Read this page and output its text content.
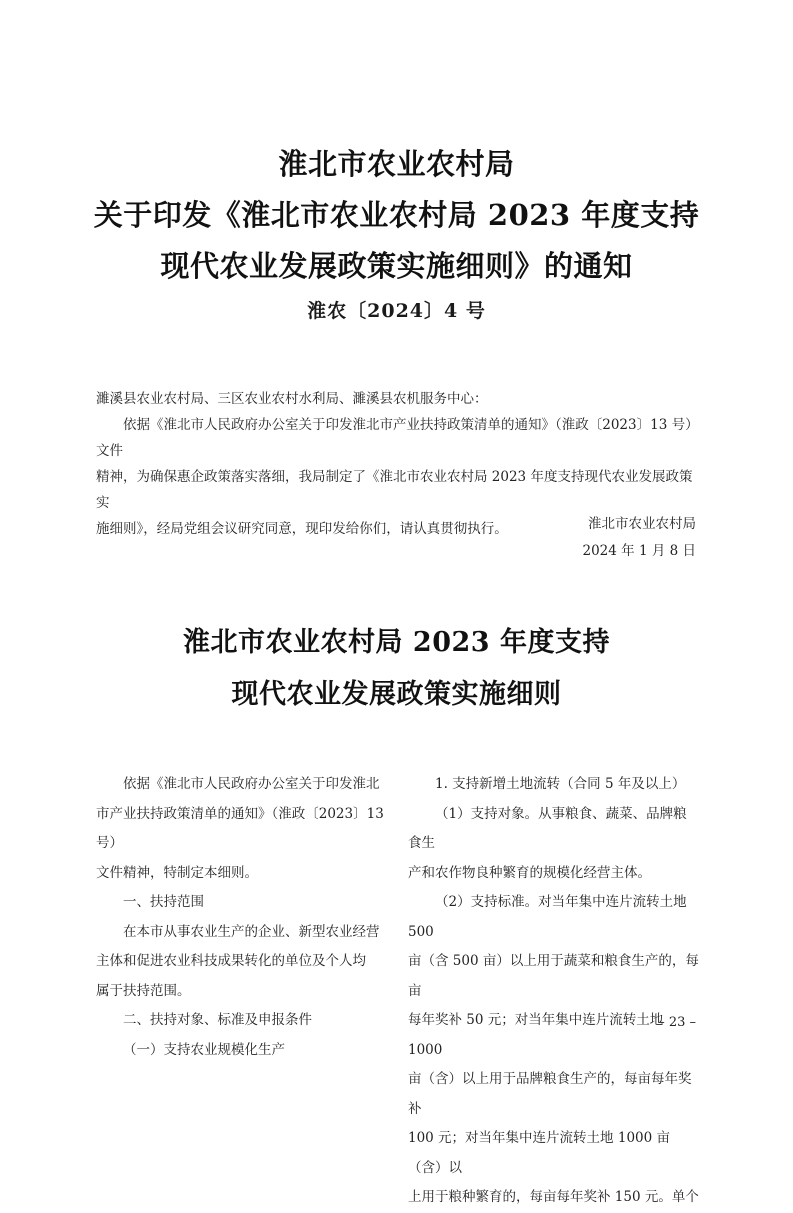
淮北市农业农村局
关于印发《淮北市农业农村局 2023 年度支持
现代农业发展政策实施细则》的通知
淮农〔2024〕4 号

濉溪县农业农村局、三区农业农村水利局、濉溪县农机服务中心：

依据《淮北市人民政府办公室关于印发淮北市产业扶持政策清单的通知》（淮政〔2023〕13 号）文件

精神，为确保惠企政策落实落细，我局制定了《淮北市农业农村局 2023 年度支持现代农业发展政策实

施细则》，经局党组会议研究同意，现印发给你们，请认真贯彻执行。	淮北市农业农村局
2024 年 1 月 8 日
淮北市农业农村局 2023 年度支持
现代农业发展政策实施细则

依据《淮北市人民政府办公室关于印发淮北

市产业扶持政策清单的通知》（淮政〔2023〕13 号）

文件精神，特制定本细则。

一、扶持范围

在本市从事农业生产的企业、新型农业经营

主体和促进农业科技成果转化的单位及个人均

属于扶持范围。

二、扶持对象、标准及申报条件

（一）支持农业规模化生产

1. 支持新增土地流转（合同 5 年及以上）

（1）支持对象。从事粮食、蔬菜、品牌粮食生

产和农作物良种繁育的规模化经营主体。

（2）支持标准。对当年集中连片流转土地 500

亩（含 500 亩）以上用于蔬菜和粮食生产的，每亩

每年奖补 50 元；对当年集中连片流转土地 1000

亩（含）以上用于品牌粮食生产的，每亩每年奖补

100 元；对当年集中连片流转土地 1000 亩（含）以

上用于粮种繁育的，每亩每年奖补 150 元。单个

– 23 –
